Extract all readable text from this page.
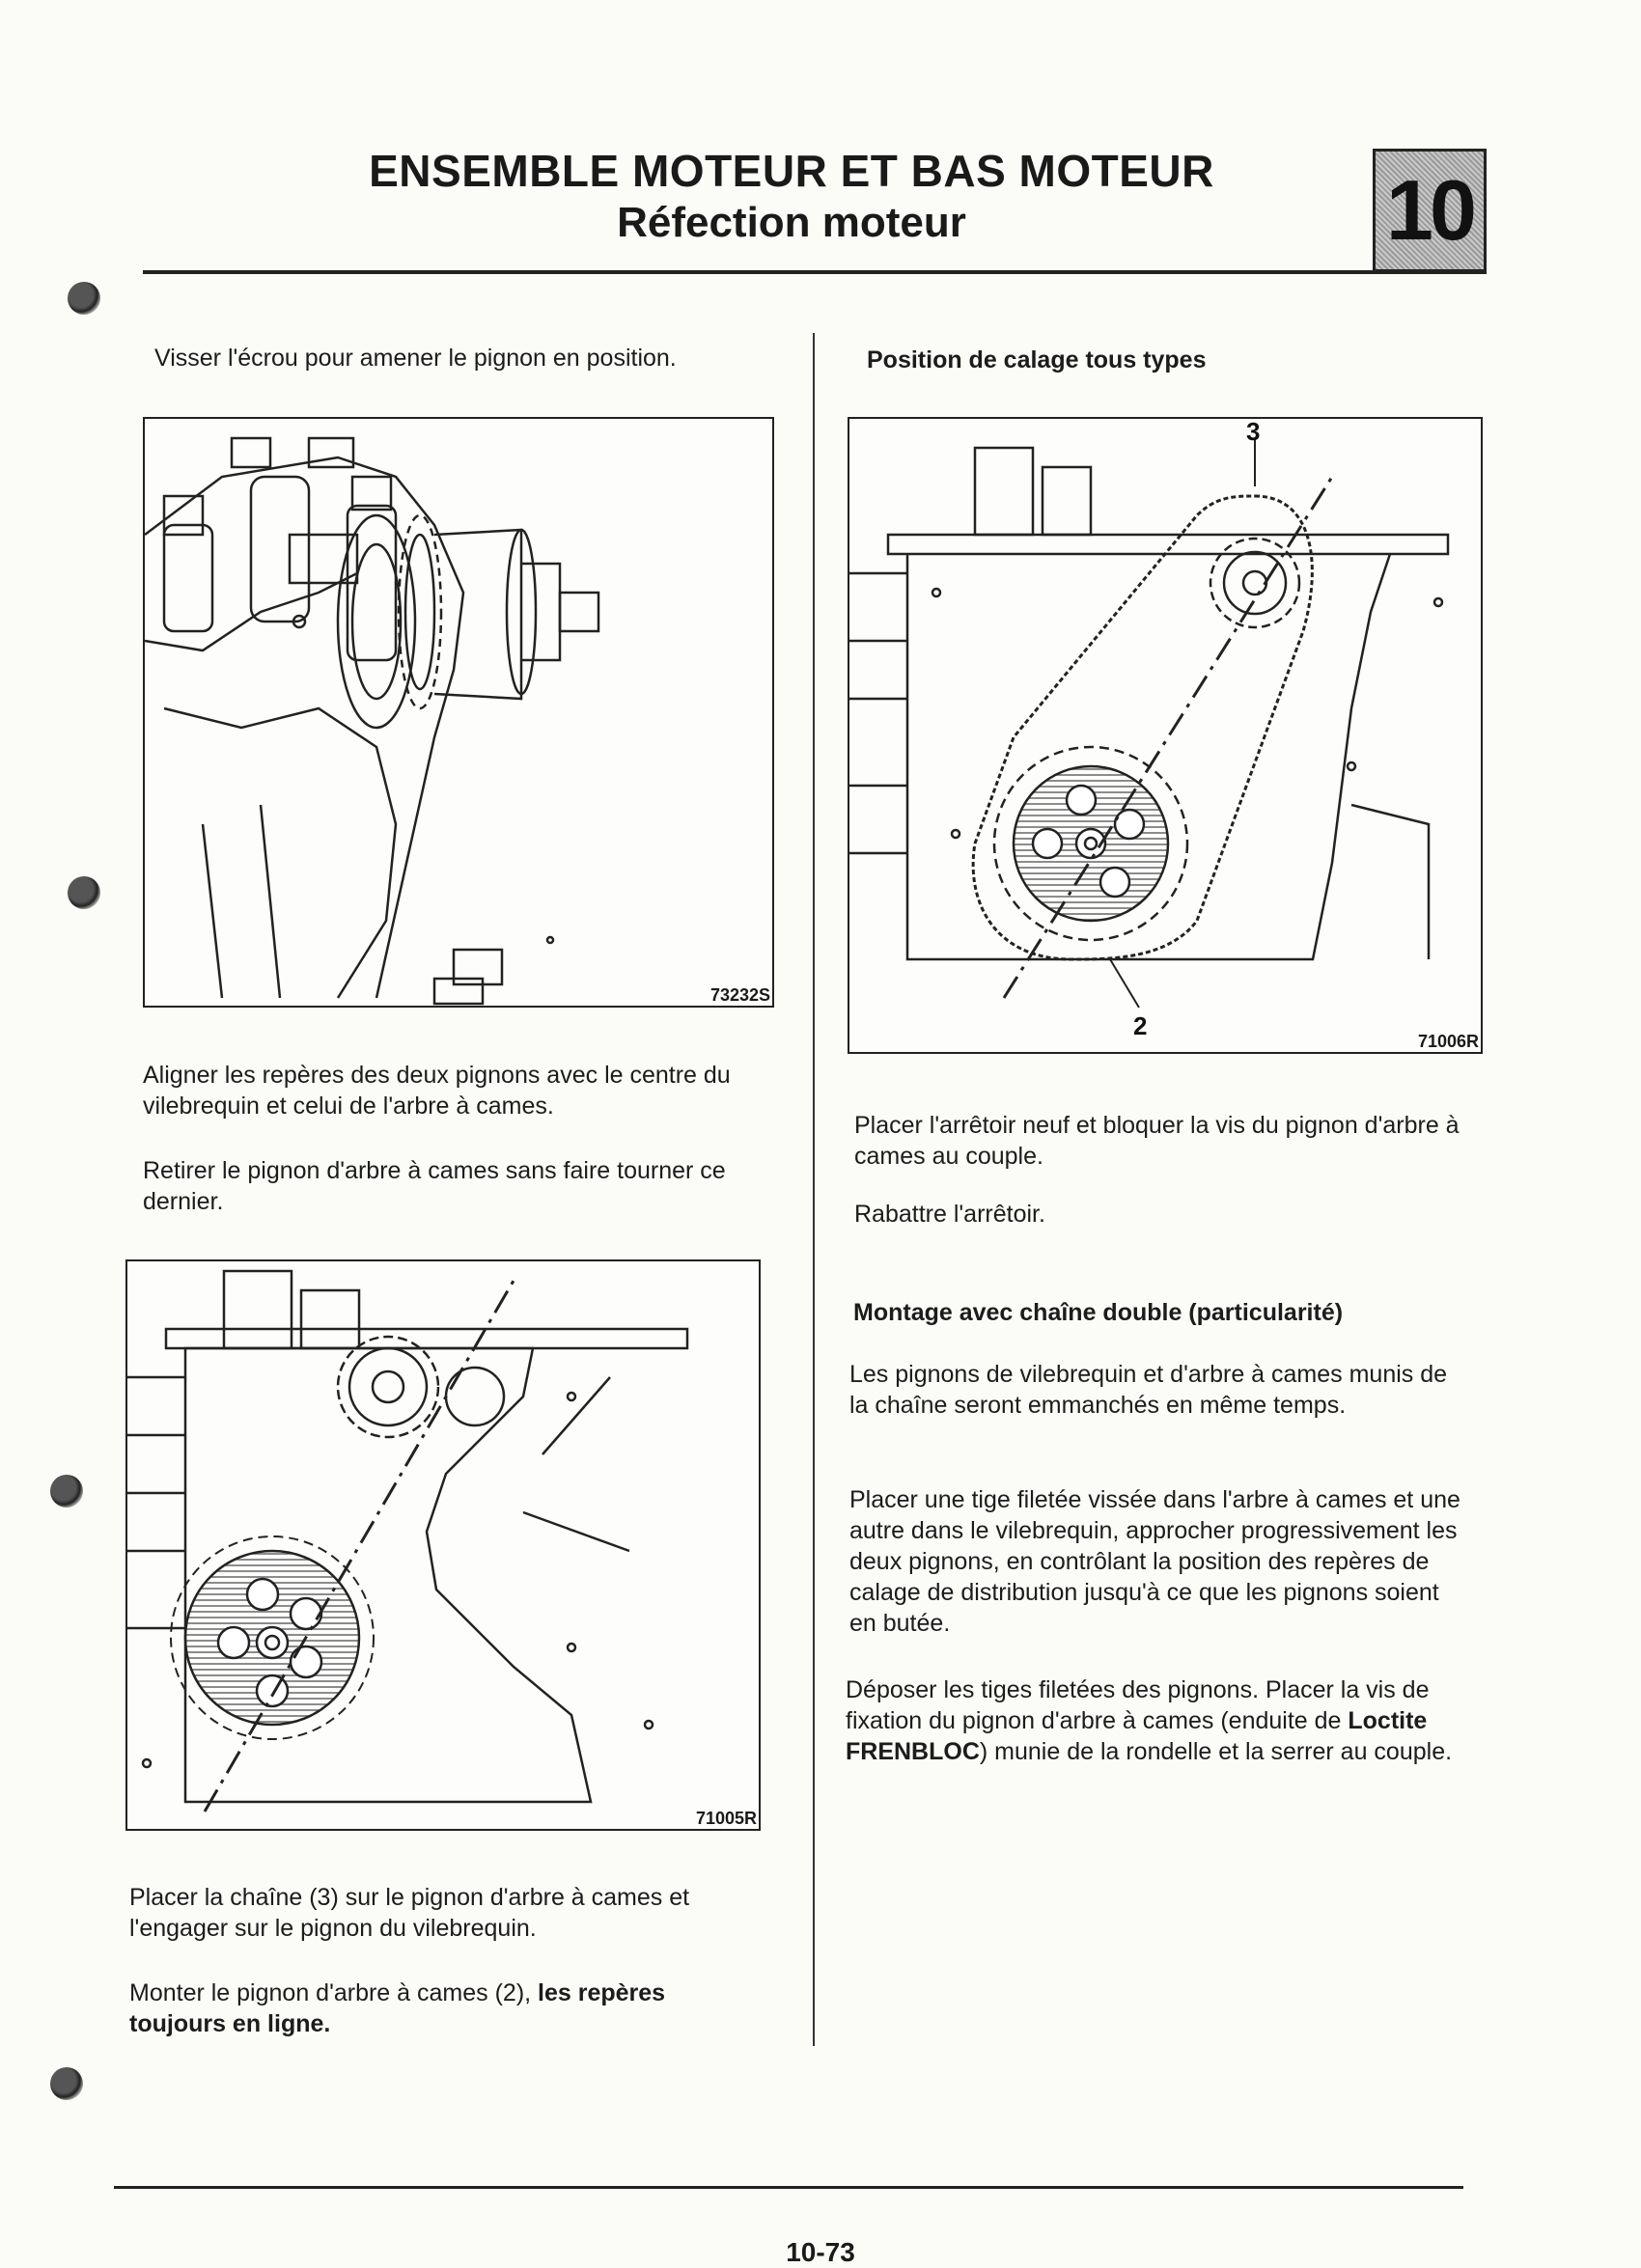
ENSEMBLE MOTEUR ET BAS MOTEUR
Réfection moteur	10
Visser l'écrou pour amener le pignon en position.
73232S
Aligner les repères des deux pignons avec le centre du vilebrequin et celui de l'arbre à cames.
Retirer le pignon d'arbre à cames sans faire tourner ce dernier.
71005R
Placer la chaîne (3) sur le pignon d'arbre à cames et l'engager sur le pignon du vilebrequin.
Monter le pignon d'arbre à cames (2), les repères toujours en ligne.
Position de calage tous types
3
2
71006R
Placer l'arrêtoir neuf et bloquer la vis du pignon d'arbre à cames au couple.
Rabattre l'arrêtoir.
Montage avec chaîne double (particularité)
Les pignons de vilebrequin et d'arbre à cames munis de la chaîne seront emmanchés en même temps.
Placer une tige filetée vissée dans l'arbre à cames et une autre dans le vilebrequin, approcher progressivement les deux pignons, en contrôlant la position des repères de calage de distribution jusqu'à ce que les pignons soient en butée.
Déposer les tiges filetées des pignons. Placer la vis de fixation du pignon d'arbre à cames (enduite de Loctite FRENBLOC) munie de la rondelle et la serrer au couple.
10-73
